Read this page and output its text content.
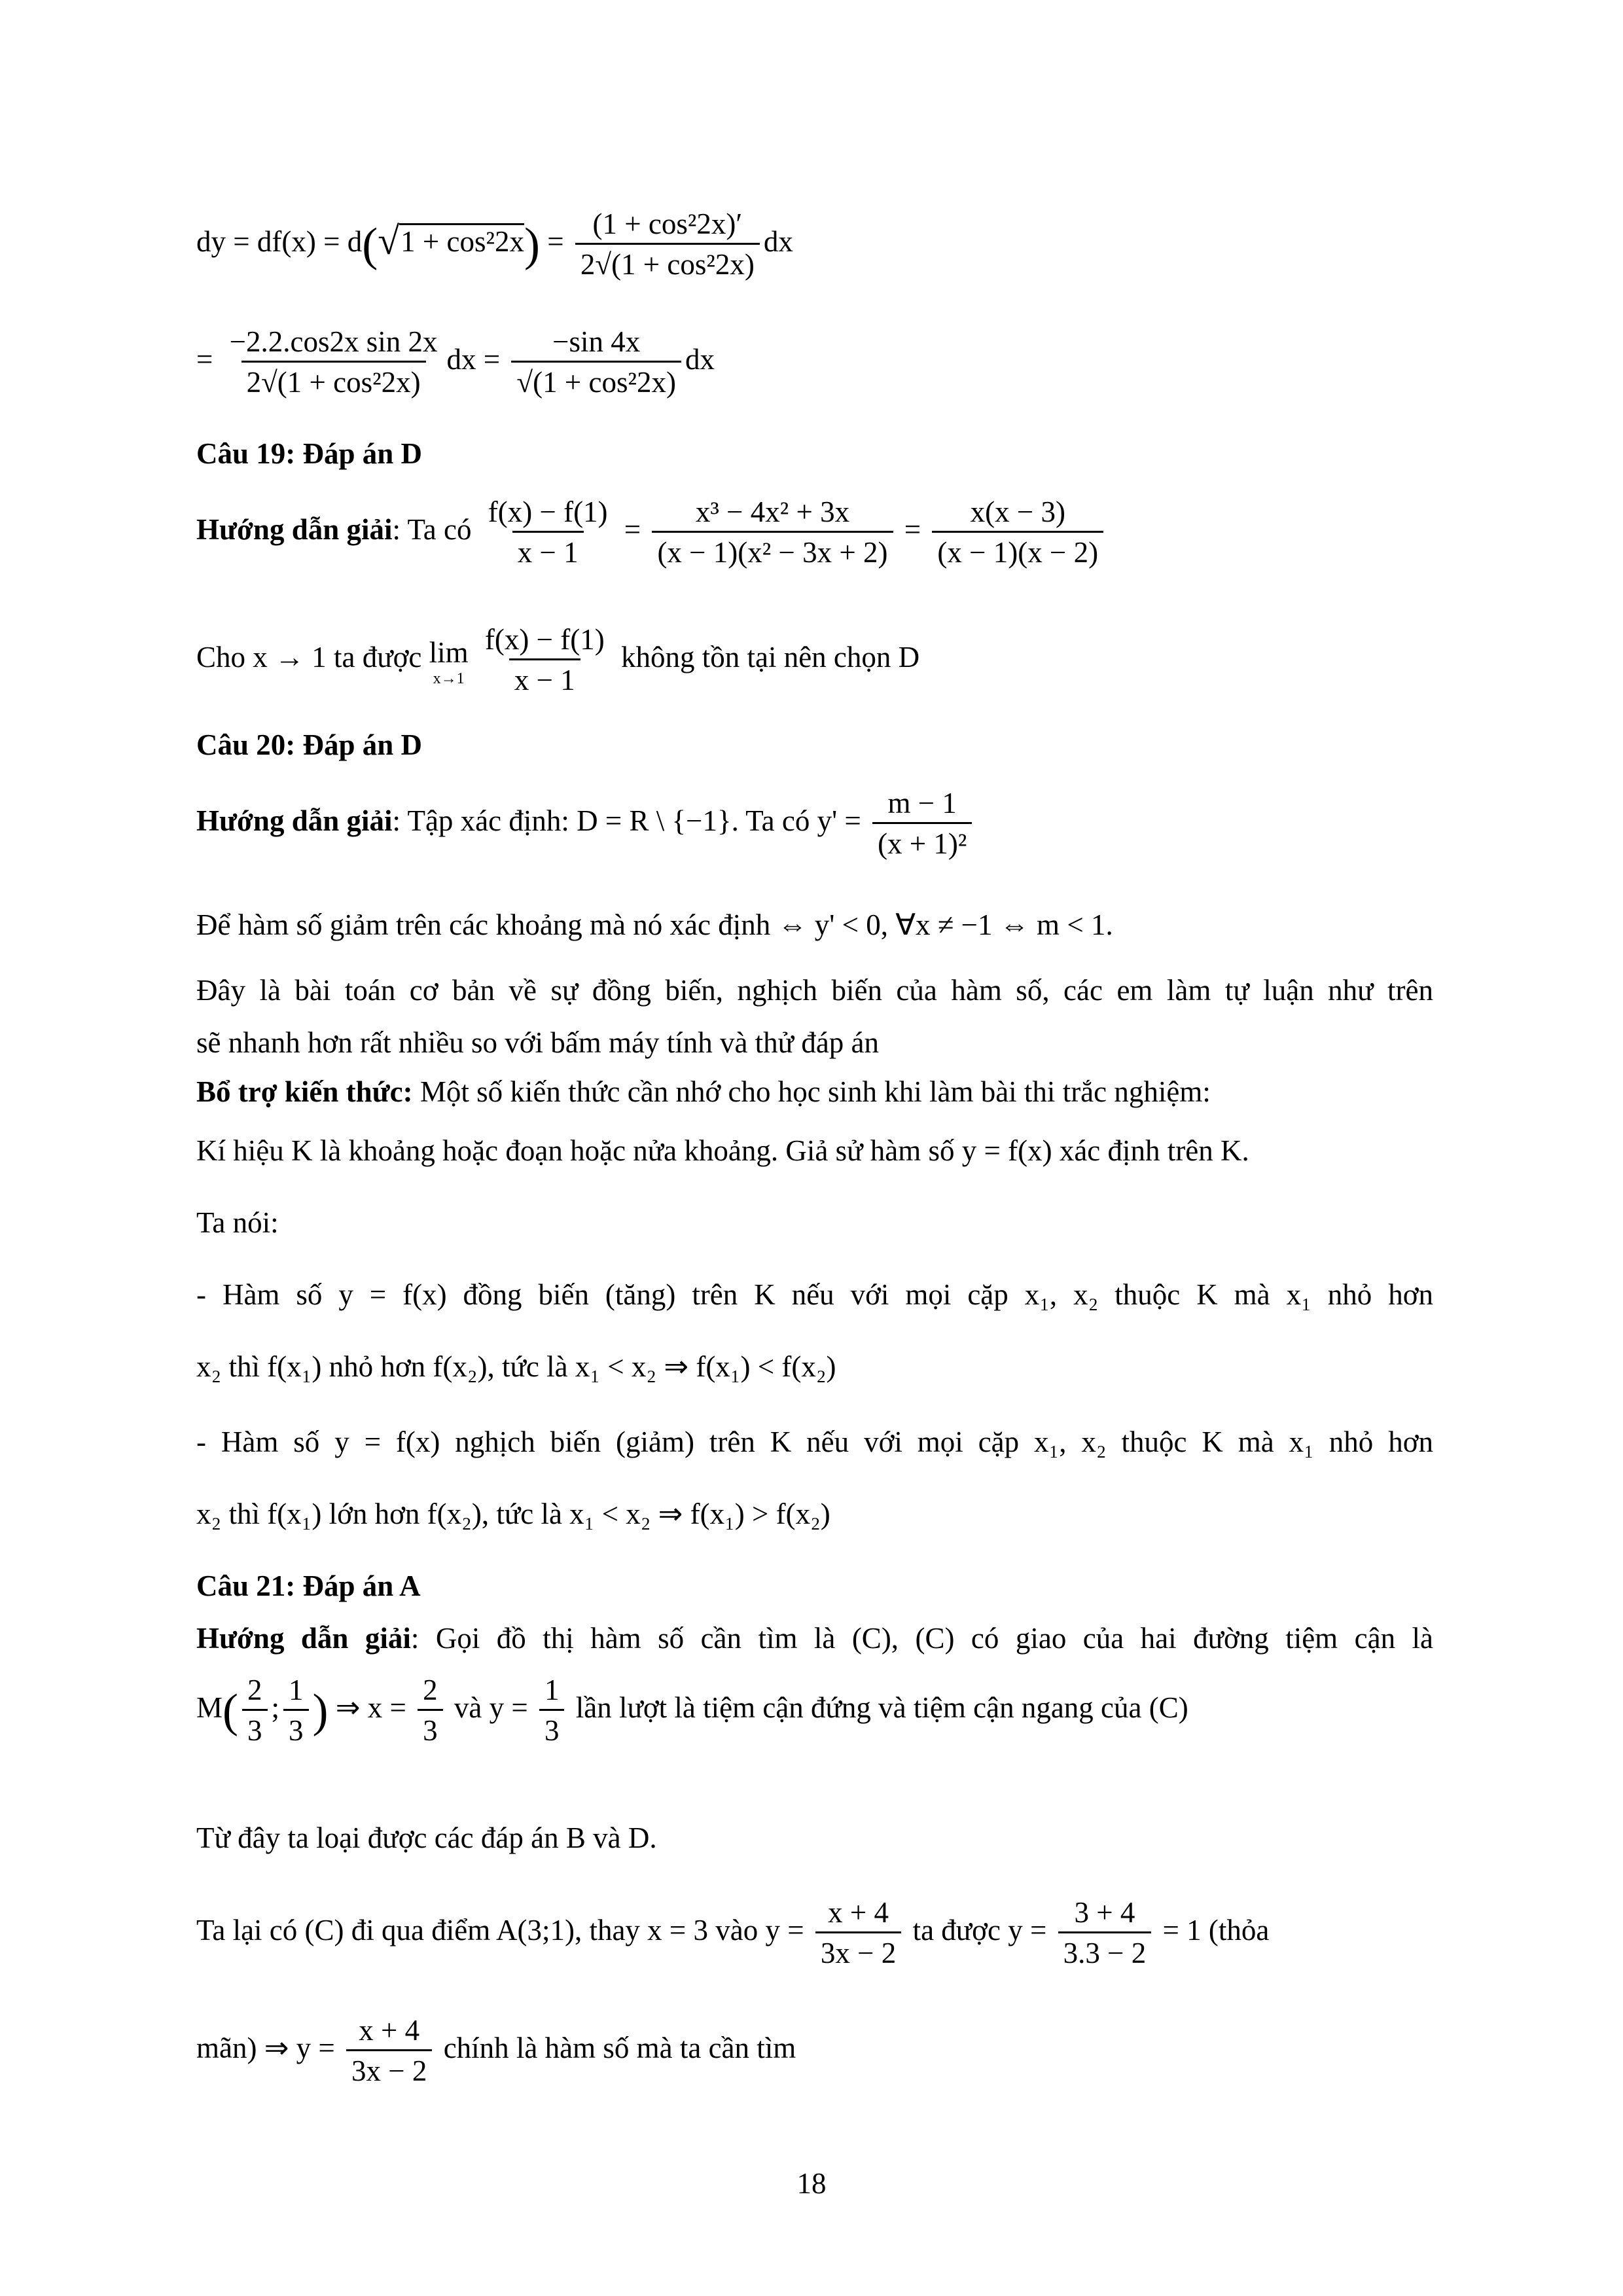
dy = $df(x) = d(√1 + \cos^22x) = \frac{\text{(1 + cos²2x)′}}{\text{2√(1 + cos²2x)}}$ dx
= $\frac{\text{−2.2.cos2x sin 2x}}{\text{2√(1 + cos²2x)}}$ dx = $\frac{-\sin 4x}{\text{√(1 + cos²2x)}}$ dx
Câu 19: Đáp án D
Hướng dẫn giải: Ta có $\frac{f(x) - f(1)}{x - 1} = \frac{\text{x³ − 4x² + 3x}}{\text{(x − 1)(x² − 3x + 2)}} = \frac{x(x - 3)}{(x - 1)(x - 2)}$
Cho x → 1 ta được lim
x→1
$\frac{f(x) - f(1)}{x - 1}$ không tồn tại nên chọn D
Câu 20: Đáp án D
Hướng dẫn giải: Tập xác định: D = R \ {−1}. Ta có $y' = \frac{m - 1}{\text{(x + 1)²}}$
Để hàm số giảm trên các khoảng mà nó xác định ⇔ y' < 0, ∀x ≠ −1 ⇔ m < 1.
Đây là bài toán cơ bản về sự đồng biến, nghịch biến của hàm số, các em làm tự luận như trên
sẽ nhanh hơn rất nhiều so với bấm máy tính và thử đáp án
Bổ trợ kiến thức: Một số kiến thức cần nhớ cho học sinh khi làm bài thi trắc nghiệm:
Kí hiệu K là khoảng hoặc đoạn hoặc nửa khoảng. Giả sử hàm số y = f(x) xác định trên K.
Ta nói:
- Hàm số y = f(x) đồng biến (tăng) trên K nếu với mọi cặp x₁, x₂ thuộc K mà x₁ nhỏ hơn
x₂ thì f(x₁) nhỏ hơn f(x₂), tức là x₁ < x₂ ⇒ f(x₁) < f(x₂)
- Hàm số y = f(x) nghịch biến (giảm) trên K nếu với mọi cặp x₁, x₂ thuộc K mà x₁ nhỏ hơn
x₂ thì f(x₁) lớn hơn f(x₂), tức là x₁ < x₂ ⇒ f(x₁) > f(x₂)
Câu 21: Đáp án A
Hướng dẫn giải: Gọi đồ thị hàm số cần tìm là (C), (C) có giao của hai đường tiệm cận là
$M( \frac{2}{3}$ ; $\frac{1}{3}$ ) ⇒ $x = \frac{2}{3}$ và $y = \frac{1}{3}$ lần lượt là tiệm cận đứng và tiệm cận ngang của (C)
Từ đây ta loại được các đáp án B và D.
Ta lại có (C) đi qua điểm A(3;1), thay x = 3 vào $y = \frac{x + 4}{3x - 2}$ ta được $y = \frac{3 + 4}{3.3 - 2} = 1$ (thỏa
mãn) ⇒ $y = \frac{x + 4}{3x - 2}$ chính là hàm số mà ta cần tìm
18
